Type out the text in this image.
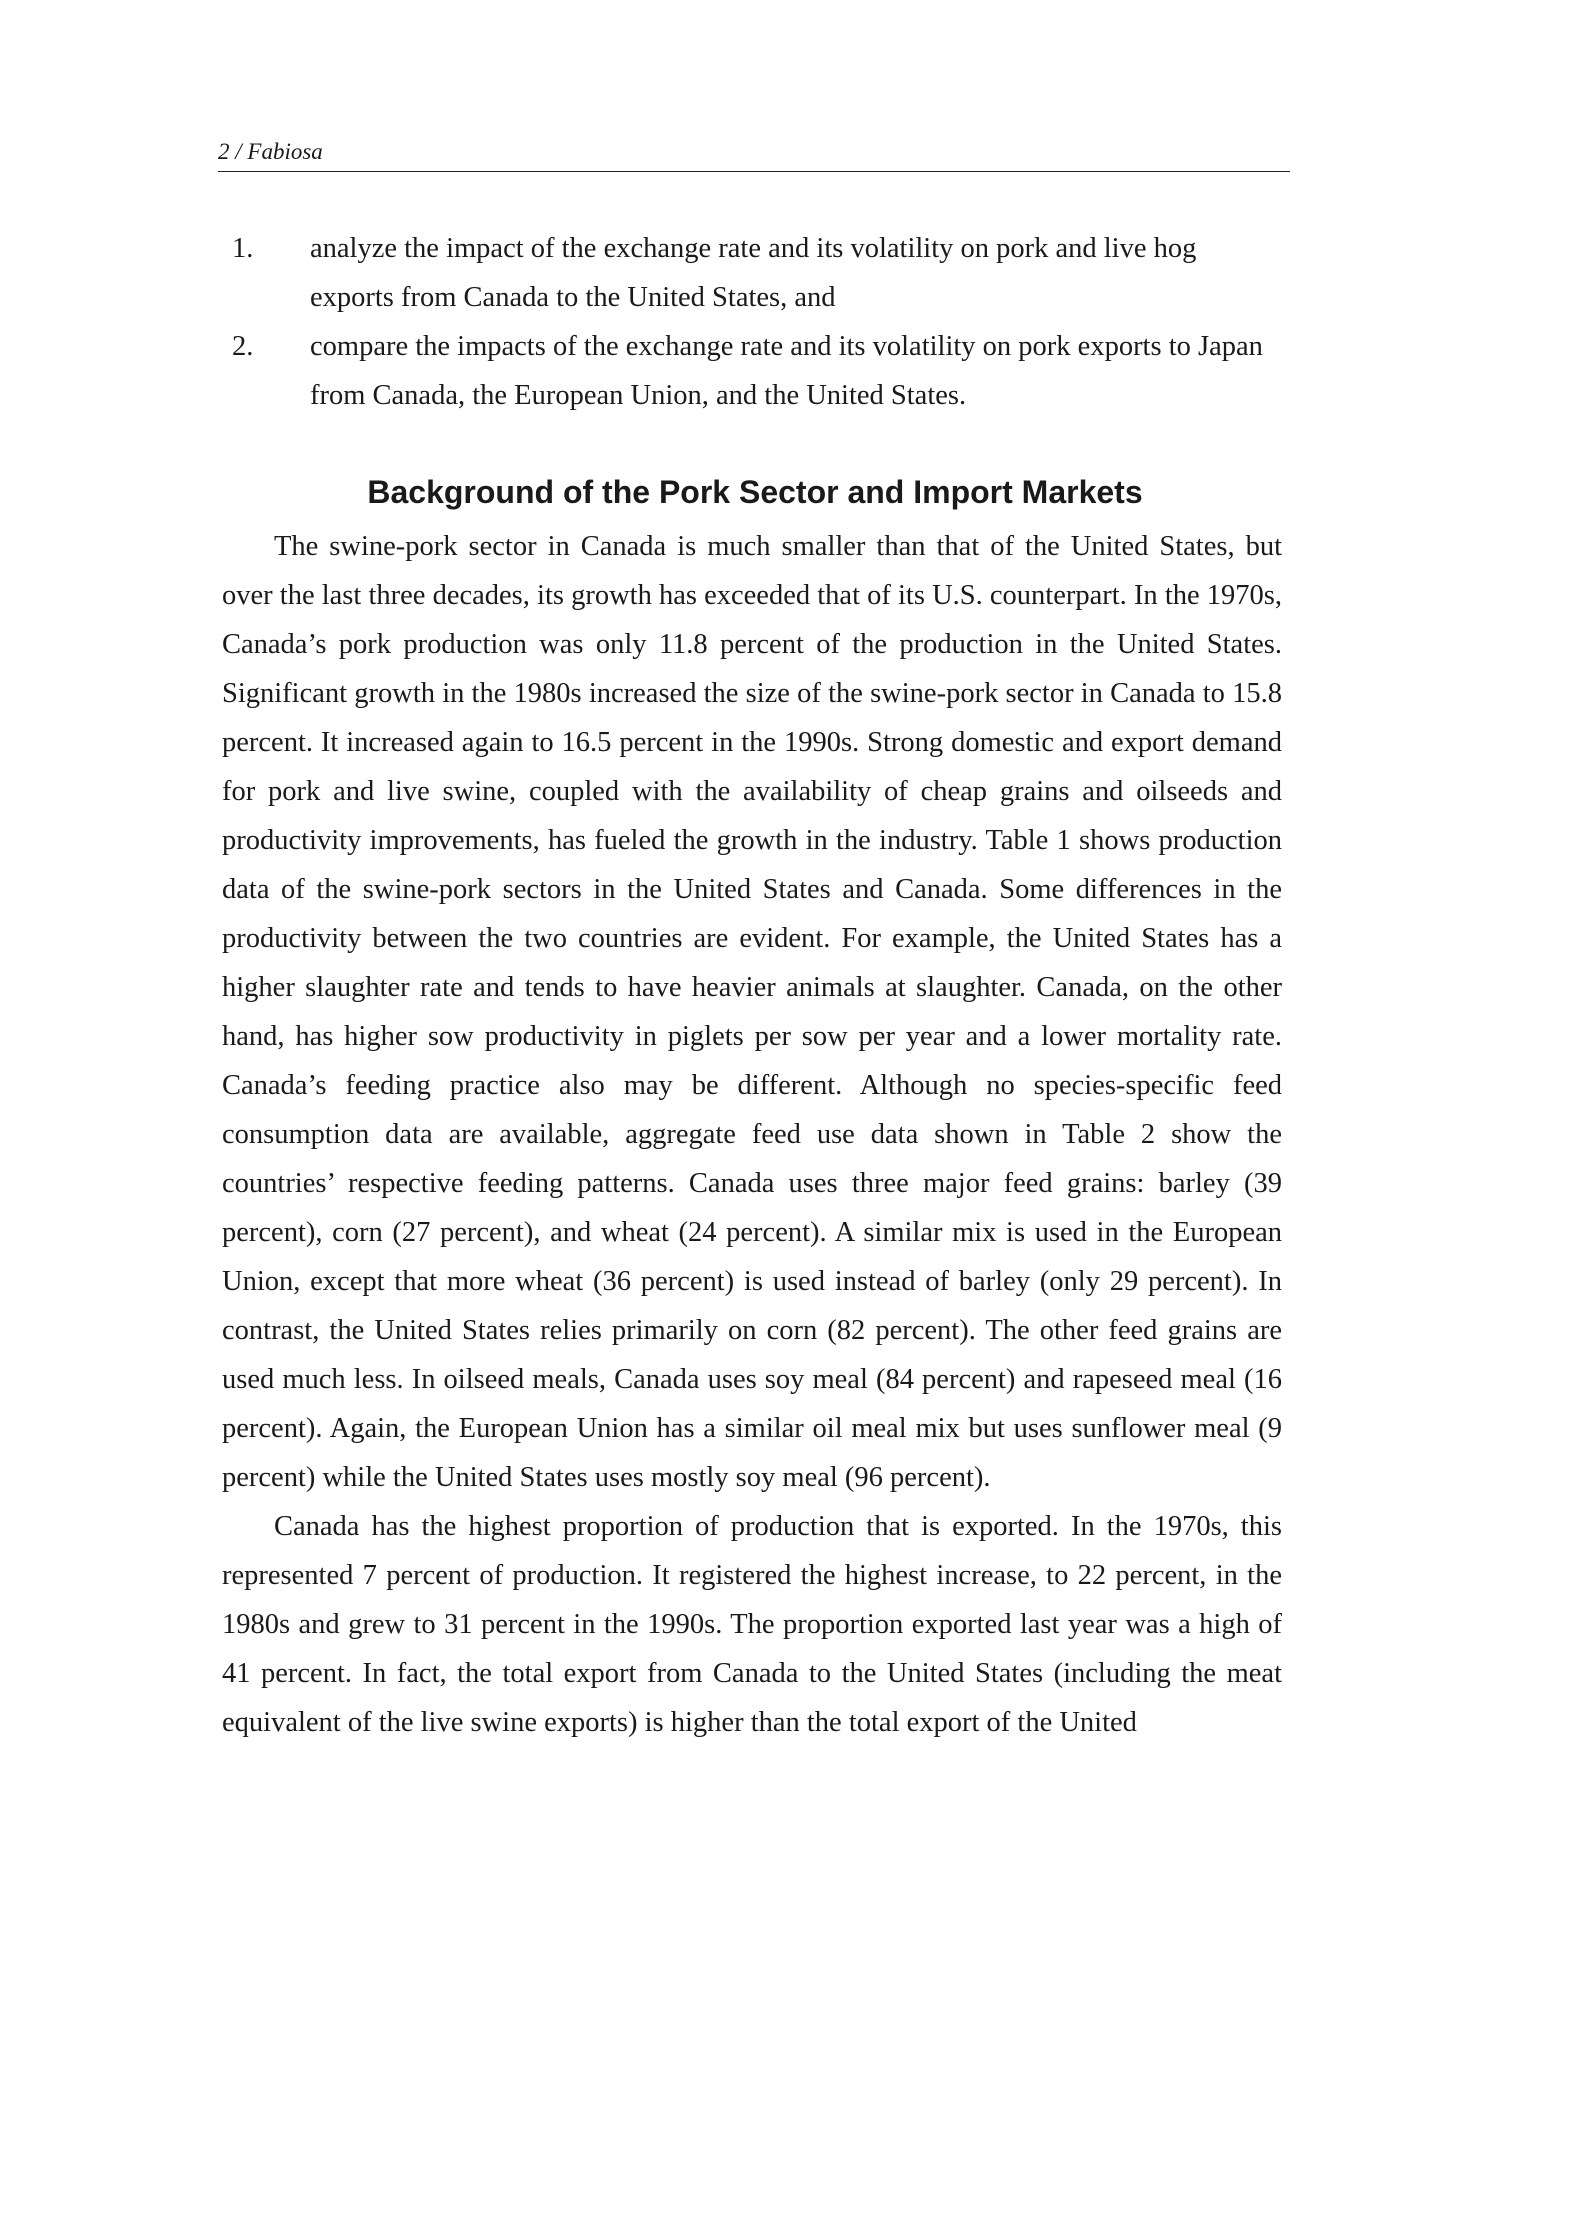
2 / Fabiosa
1. analyze the impact of the exchange rate and its volatility on pork and live hog exports from Canada to the United States, and
2. compare the impacts of the exchange rate and its volatility on pork exports to Japan from Canada, the European Union, and the United States.
Background of the Pork Sector and Import Markets

The swine-pork sector in Canada is much smaller than that of the United States, but over the last three decades, its growth has exceeded that of its U.S. counterpart. In the 1970s, Canada’s pork production was only 11.8 percent of the production in the United States. Significant growth in the 1980s increased the size of the swine-pork sector in Canada to 15.8 percent. It increased again to 16.5 percent in the 1990s. Strong domestic and export demand for pork and live swine, coupled with the availability of cheap grains and oilseeds and productivity improvements, has fueled the growth in the industry. Table 1 shows production data of the swine-pork sectors in the United States and Canada. Some differences in the productivity between the two countries are evident. For example, the United States has a higher slaughter rate and tends to have heavier animals at slaughter. Canada, on the other hand, has higher sow productivity in piglets per sow per year and a lower mortality rate. Canada’s feeding practice also may be different. Although no species-specific feed consumption data are available, aggregate feed use data shown in Table 2 show the countries’ respective feeding patterns. Canada uses three major feed grains: barley (39 percent), corn (27 percent), and wheat (24 percent). A similar mix is used in the European Union, except that more wheat (36 percent) is used instead of barley (only 29 percent). In contrast, the United States relies primarily on corn (82 percent). The other feed grains are used much less. In oilseed meals, Canada uses soy meal (84 percent) and rapeseed meal (16 percent). Again, the European Union has a similar oil meal mix but uses sunflower meal (9 percent) while the United States uses mostly soy meal (96 percent).

Canada has the highest proportion of production that is exported. In the 1970s, this represented 7 percent of production. It registered the highest increase, to 22 percent, in the 1980s and grew to 31 percent in the 1990s. The proportion exported last year was a high of 41 percent. In fact, the total export from Canada to the United States (including the meat equivalent of the live swine exports) is higher than the total export of the United
